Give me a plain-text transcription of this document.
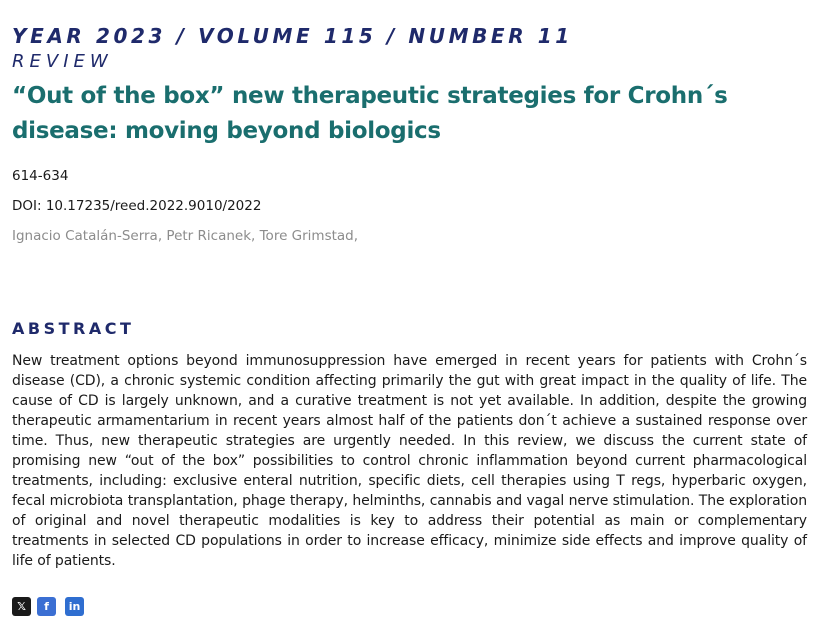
YEAR 2023 / VOLUME 115 / NUMBER 11

REVIEW

“Out of the box” new therapeutic strategies for Crohn´s disease: moving beyond biologics
614-634
DOI: 10.17235/reed.2022.9010/2022
Ignacio Catalán-Serra, Petr Ricanek, Tore Grimstad,
ABSTRACT
New treatment options beyond immunosuppression have emerged in recent years for patients with Crohn´s disease (CD), a chronic systemic condition affecting primarily the gut with great impact in the quality of life. The cause of CD is largely unknown, and a curative treatment is not yet available. In addition, despite the growing therapeutic armamentarium in recent years almost half of the patients don´t achieve a sustained response over time. Thus, new therapeutic strategies are urgently needed. In this review, we discuss the current state of promising new “out of the box” possibilities to control chronic inflammation beyond current pharmacological treatments, including: exclusive enteral nutrition, specific diets, cell therapies using T regs, hyperbaric oxygen, fecal microbiota transplantation, phage therapy, helminths, cannabis and vagal nerve stimulation. The exploration of original and novel therapeutic modalities is key to address their potential as main or complementary treatments in selected CD populations in order to increase efficacy, minimize side effects and improve quality of life of patients.
𝕏	f	in
